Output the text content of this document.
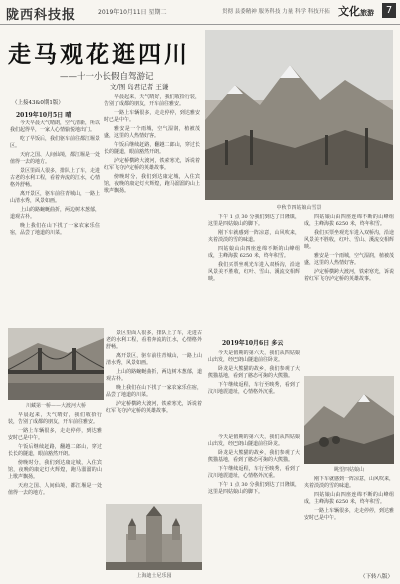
陇西科技报	2019年10月11日 星期二	贯彻 县委精神 服务科技 力量 科学 科技开拓 文化旅游	7
走马观花逛四川
——十一小长假自驾游记
文/图 岛君记者 王谦
中秋节四姑娘山雪景
（上接43&0期1版）
2019年10月5日 晴

今天早晨大气晴朗，空气清新，所以我们起得早，一家人心情愉悦地出门。

吃了早饭后，我们驱车前往都江堰景区。

天府之国、人间仙境，都江堰是一处值得一去的地方。

景区里面人很多，排队上了车，走进古老的水利工程，看着奔流的江水，心情格外舒畅。

离开景区，驱车前往青城山，一路上山清水秀，风景如画。

上山的路蜿蜒曲折，两边树木葱郁，道观古朴。

晚上我们在山下找了一家农家乐住宿，品尝了地道的川菜。

早晨起来，天气晴好，我们收拾行装，告别了成都的朋友，开车前往雅安。

一路上车辆很多，走走停停，到达雅安时已是中午。

雅安是一个雨城，空气湿润，植被茂盛，这里的人热情好客。

午饭后继续赶路，翻越二郎山，穿过长长的隧道，眼前豁然开朗。

泸定桥横跨大渡河，铁索寒光，诉说着红军飞夺泸定桥的英雄故事。

傍晚时分，我们到达康定城，入住宾馆，夜晚的康定灯火辉煌，跑马溜溜的山上歌声飘扬。

下午 1 点 30 分我们到达了日隆镇，这里是四姑娘山的脚下。

刚下车就感到一阵凉意，山风吹来，夹着淡淡的雪的味道。

四姑娘山由四座连绵不断的山峰组成，主峰海拔 6250 米，终年积雪。

我们买票坐观光车进入双桥沟，沿途风景美不胜收，红叶、雪山、溪流交相辉映。

2019年10月6日 多云

今天是假期的第六天，我们从四姑娘山出发，经巴朗山隧道前往卧龙。

卧龙是大熊猫的故乡，我们参观了大熊猫基地，看到了憨态可掬的大熊猫。

下午继续返程，车行至映秀，看到了汶川地震遗址，心情格外沉重。

四姑娘山由四座连绵不断的山峰组成，主峰海拔 6250 米，终年积雪。

我们买票坐观光车进入双桥沟，沿途风景美不胜收，红叶、雪山、溪流交相辉映。

雅安是一个雨城，空气湿润，植被茂盛，这里的人热情好客。

泸定桥横跨大渡河，铁索寒光，诉说着红军飞夺泸定桥的英雄故事。

川藏第一桥——大渡河大桥

早晨起来，天气晴好，我们收拾行装，告别了成都的朋友，开车前往雅安。

一路上车辆很多，走走停停，到达雅安时已是中午。

午饭后继续赶路，翻越二郎山，穿过长长的隧道，眼前豁然开朗。

傍晚时分，我们到达康定城，入住宾馆，夜晚的康定灯火辉煌，跑马溜溜的山上歌声飘扬。

天府之国、人间仙境，都江堰是一处值得一去的地方。

景区里面人很多，排队上了车，走进古老的水利工程，看着奔流的江水，心情格外舒畅。

离开景区，驱车前往青城山，一路上山清水秀，风景如画。

上山的路蜿蜒曲折，两边树木葱郁，道观古朴。

晚上我们在山下找了一家农家乐住宿，品尝了地道的川菜。

泸定桥横跨大渡河，铁索寒光，诉说着红军飞夺泸定桥的英雄故事。

上海迪士尼乐园
眺望四姑娘山

今天是假期的第六天，我们从四姑娘山出发，经巴朗山隧道前往卧龙。

卧龙是大熊猫的故乡，我们参观了大熊猫基地，看到了憨态可掬的大熊猫。

下午继续返程，车行至映秀，看到了汶川地震遗址，心情格外沉重。

下午 1 点 30 分我们到达了日隆镇，这里是四姑娘山的脚下。

刚下车就感到一阵凉意，山风吹来，夹着淡淡的雪的味道。

四姑娘山由四座连绵不断的山峰组成，主峰海拔 6250 米，终年积雪。

一路上车辆很多，走走停停，到达雅安时已是中午。

（下转八版）
